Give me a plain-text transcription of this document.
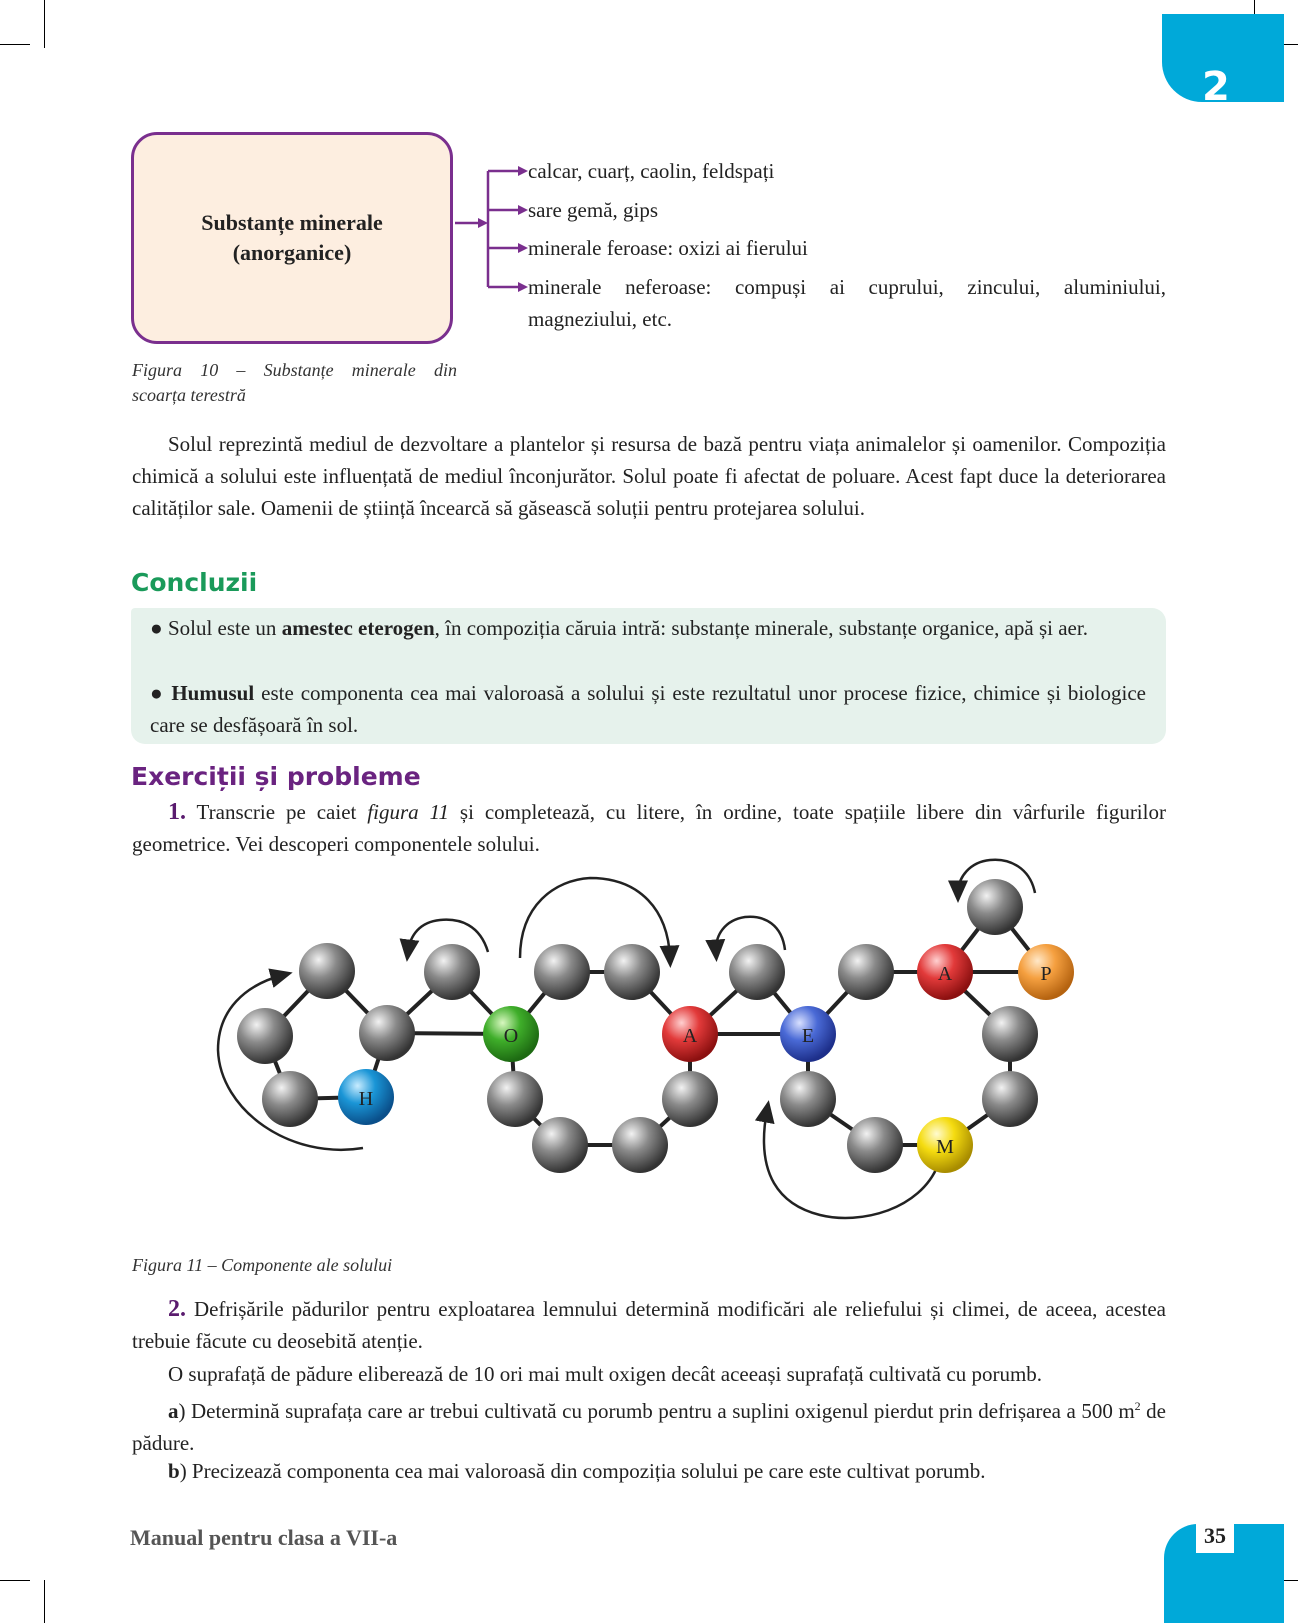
2
Substanțe minerale
(anorganice)
calcar, cuarț, caolin, feldspați
sare gemă, gips
minerale feroase: oxizi ai fierului
minerale neferoase: compuși ai cuprului, zincului, aluminiului,
magneziului, etc.
Figura 10 – Substanțe minerale din
scoarța terestră
Solul reprezintă mediul de dezvoltare a plantelor și resursa de bază pentru viața animalelor și oamenilor. Compoziția chimică a solului este influențată de mediul înconjurător. Solul poate fi afectat de poluare. Acest fapt duce la deteriorarea calităților sale. Oamenii de știință încearcă să găsească soluții pentru protejarea solului.
Concluzii
● Solul este un amestec eterogen, în compoziția căruia intră: substanțe minerale, substanțe organice, apă și aer.
● Humusul este componenta cea mai valoroasă a solului și este rezultatul unor procese fizice, chimice și biologice care se desfășoară în sol.
Exerciții și probleme
1. Transcrie pe caiet figura 11 și completează, cu litere, în ordine, toate spațiile libere din vârfurile figurilor geometrice. Vei descoperi componentele solului.
H
O	A	E
A	P
M
Figura 11 – Componente ale solului
2. Defrișările pădurilor pentru exploatarea lemnului determină modificări ale reliefului și climei, de aceea, acestea trebuie făcute cu deosebită atenție.
O suprafață de pădure eliberează de 10 ori mai mult oxigen decât aceeași suprafață cultivată cu porumb.
a) Determină suprafața care ar trebui cultivată cu porumb pentru a suplini oxigenul pierdut prin defrișarea a 500 $m^2$ de pădure.
b) Precizează componenta cea mai valoroasă din compoziția solului pe care este cultivat porumb.
Manual pentru clasa a VII-a	35
